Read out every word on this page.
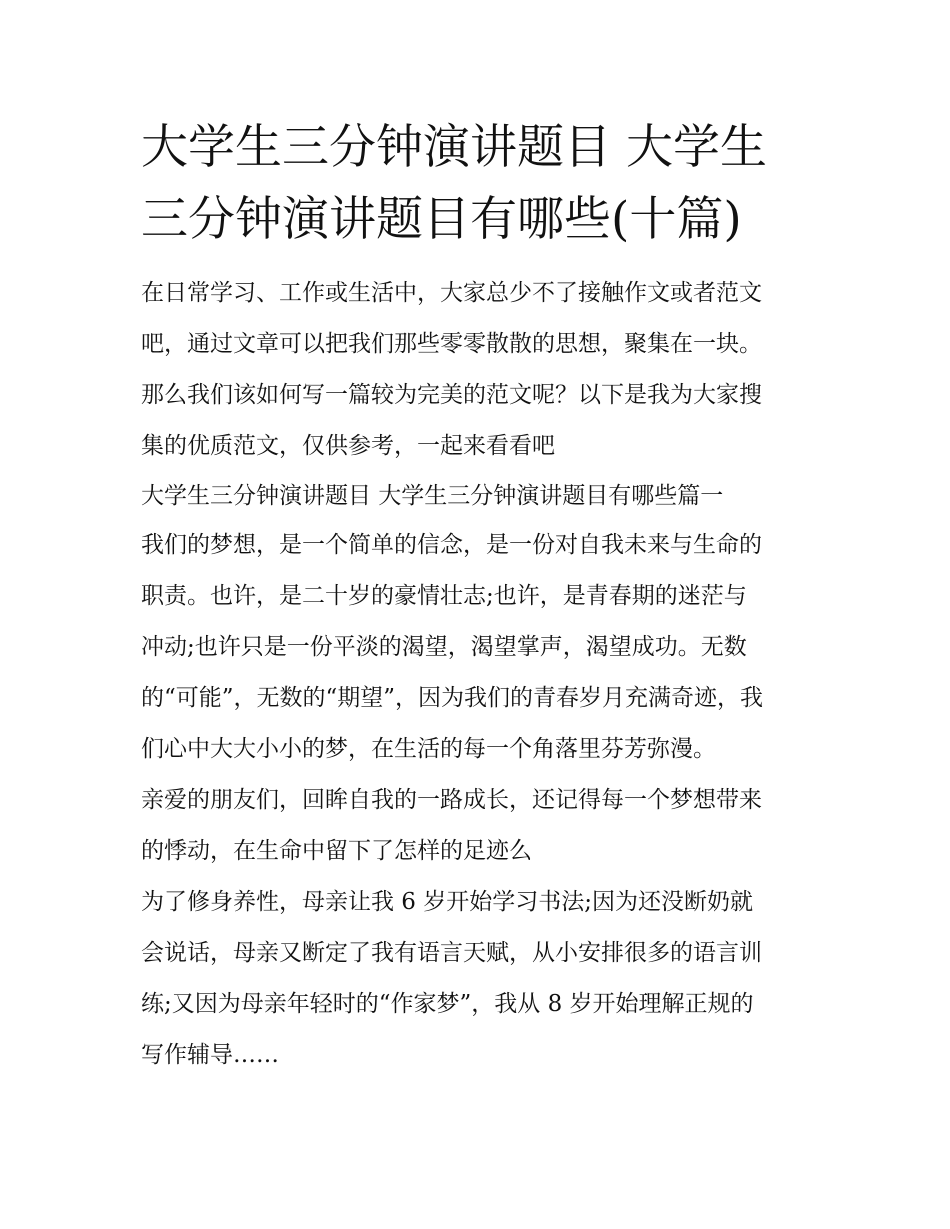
大学生三分钟演讲题目 大学生
三分钟演讲题目有哪些(十篇)

在日常学习、工作或生活中，大家总少不了接触作文或者范文
吧，通过文章可以把我们那些零零散散的思想，聚集在一块。
那么我们该如何写一篇较为完美的范文呢？以下是我为大家搜
集的优质范文，仅供参考，一起来看看吧

大学生三分钟演讲题目 大学生三分钟演讲题目有哪些篇一

我们的梦想，是一个简单的信念，是一份对自我未来与生命的
职责。也许，是二十岁的豪情壮志;也许，是青春期的迷茫与
冲动;也许只是一份平淡的渴望，渴望掌声，渴望成功。无数
的“可能”，无数的“期望”，因为我们的青春岁月充满奇迹，我
们心中大大小小的梦，在生活的每一个角落里芬芳弥漫。

亲爱的朋友们，回眸自我的一路成长，还记得每一个梦想带来
的悸动，在生命中留下了怎样的足迹么

为了修身养性，母亲让我 6 岁开始学习书法;因为还没断奶就
会说话，母亲又断定了我有语言天赋，从小安排很多的语言训
练;又因为母亲年轻时的“作家梦”，我从 8 岁开始理解正规的
写作辅导……
